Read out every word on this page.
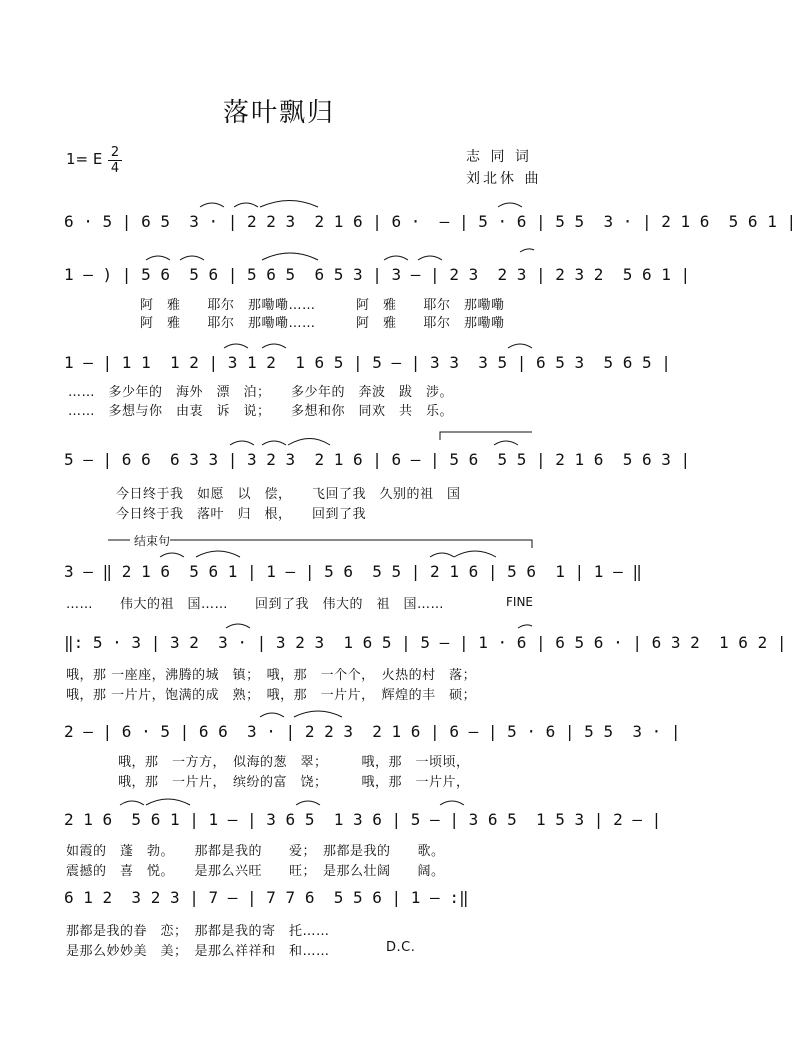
落叶飘归
1= E 2
4
志 同 词
刘北休 曲
6 · 5 | 6 5  3 · | 2 2 3  2 1 6 | 6 ·  – | 5 · 6 | 5 5  3 · | 2 1 6  5 6 1 |
1 – ) | 5 6  5 6 | 5 6 5  6 5 3 | 3 – | 2 3  2 3 | 2 3 2  5 6 1 |
阿　雅　　耶尔　那嘞嘞……　　　阿　雅　　耶尔　那嘞嘞
阿　雅　　耶尔　那嘞嘞……　　　阿　雅　　耶尔　那嘞嘞
1 – | 1 1  1 2 | 3 1 2  1 6 5 | 5 – | 3 3  3 5 | 6 5 3  5 6 5 |
……　多少年的　海外　漂　泊；　　多少年的　奔波　跋　涉。
……　多想与你　由衷　诉　说；　　多想和你　同欢　共　乐。
5 – | 6 6  6 3 3 | 3 2 3  2 1 6 | 6 – | 5 6  5 5 | 2 1 6  5 6 3 |
今日终于我　如愿　以　偿，　　飞回了我　久别的祖　国
今日终于我　落叶　归　根，　　回到了我
结束句
3 – ‖ 2 1 6  5 6 1 | 1 – | 5 6  5 5 | 2 1 6 | 5 6  1 | 1 – ‖
……　　伟大的祖　国……　　回到了我　伟大的　祖　国……	FINE
‖: 5 · 3 | 3 2  3 · | 3 2 3  1 6 5 | 5 – | 1 · 6 | 6 5 6 · | 6 3 2  1 6 2 |
哦，那 一座座，沸腾的城　镇；　哦，那　一个个，　火热的村　落；
哦，那 一片片，饱满的成　熟；　哦，那　一片片，　辉煌的丰　硕；
2 – | 6 · 5 | 6 6  3 · | 2 2 3  2 1 6 | 6 – | 5 · 6 | 5 5  3 · |
哦，那　一方方，　似海的葱　翠；　　　哦，那　一顷顷，
哦，那　一片片，　缤纷的富　饶；　　　哦，那　一片片，
2 1 6  5 6 1 | 1 – | 3 6 5  1 3 6 | 5 – | 3 6 5  1 5 3 | 2 – |
如霞的　蓬　勃。　　那都是我的　　爱；　那都是我的　　歌。
震撼的　喜　悦。　　是那么兴旺　　旺；　是那么壮阔　　阔。
6 1 2  3 2 3 | 7 – | 7 7 6  5 5 6 | 1 – :‖
那都是我的眷　恋；　那都是我的寄　托……
是那么妙妙美　美；　是那么祥祥和　和……	D.C.
